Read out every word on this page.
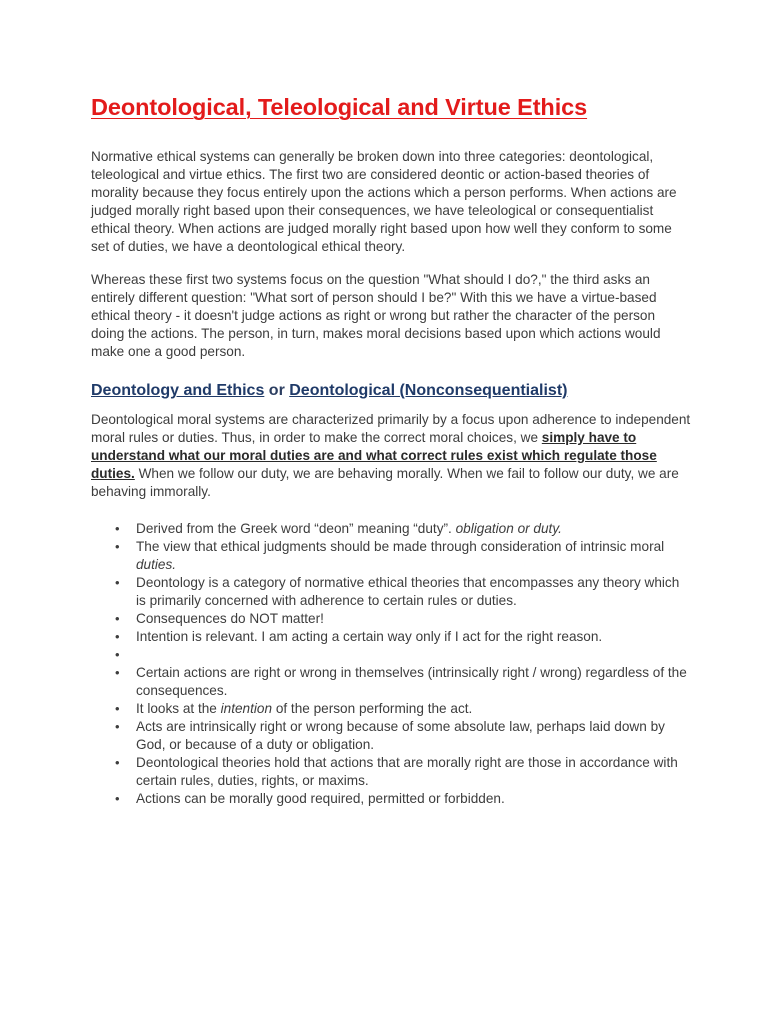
Deontological, Teleological and Virtue Ethics

Normative ethical systems can generally be broken down into three categories: deontological, teleological and virtue ethics. The first two are considered deontic or action-based theories of morality because they focus entirely upon the actions which a person performs. When actions are judged morally right based upon their consequences, we have teleological or consequentialist ethical theory. When actions are judged morally right based upon how well they conform to some set of duties, we have a deontological ethical theory.

Whereas these first two systems focus on the question "What should I do?," the third asks an entirely different question: "What sort of person should I be?" With this we have a virtue-based ethical theory - it doesn't judge actions as right or wrong but rather the character of the person doing the actions. The person, in turn, makes moral decisions based upon which actions would make one a good person.

Deontology and Ethics or Deontological (Nonconsequentialist)

Deontological moral systems are characterized primarily by a focus upon adherence to independent moral rules or duties. Thus, in order to make the correct moral choices, we simply have to understand what our moral duties are and what correct rules exist which regulate those duties. When we follow our duty, we are behaving morally. When we fail to follow our duty, we are behaving immorally.

• Derived from the Greek word “deon” meaning “duty”. obligation or duty.
• The view that ethical judgments should be made through consideration of intrinsic moral duties.
• Deontology is a category of normative ethical theories that encompasses any theory which is primarily concerned with adherence to certain rules or duties.
• Consequences do NOT matter!
• Intention is relevant. I am acting a certain way only if I act for the right reason.
•
• Certain actions are right or wrong in themselves (intrinsically right / wrong) regardless of the consequences.
• It looks at the intention of the person performing the act.
• Acts are intrinsically right or wrong because of some absolute law, perhaps laid down by God, or because of a duty or obligation.
• Deontological theories hold that actions that are morally right are those in accordance with certain rules, duties, rights, or maxims.
• Actions can be morally good required, permitted or forbidden.
